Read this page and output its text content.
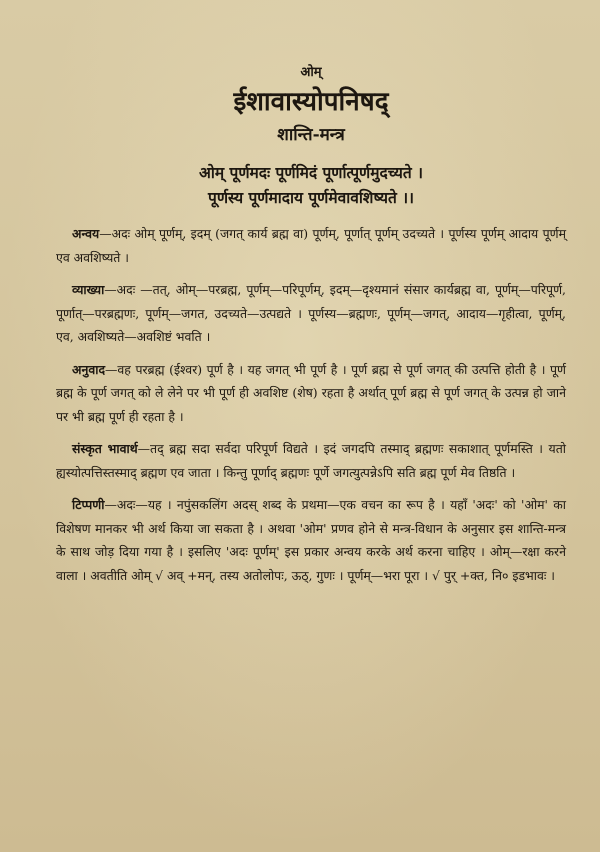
ओम्
ईशावास्योपनिषद्
शान्ति-मन्त्र
ओम् पूर्णमदः पूर्णमिदं पूर्णात्पूर्णमुदच्यते ।
पूर्णस्य पूर्णमादाय पूर्णमेवावशिष्यते ।।

अन्वय—अदः ओम् पूर्णम्, इदम् (जगत् कार्य ब्रह्म वा) पूर्णम्, पूर्णात् पूर्णम् उदच्यते । पूर्णस्य पूर्णम् आदाय पूर्णम् एव अवशिष्यते ।

व्याख्या—अदः —तत्, ओम्—परब्रह्म, पूर्णम्—परिपूर्णम्, इदम्—दृश्यमानं संसार कार्यब्रह्म वा, पूर्णम्—परिपूर्ण, पूर्णात्—परब्रह्मणः, पूर्णम्—जगत, उदच्यते—उत्पद्यते । पूर्णस्य—ब्रह्मणः, पूर्णम्—जगत्, आदाय—गृहीत्वा, पूर्णम्, एव, अवशिष्यते—अवशिष्टं भवति ।

अनुवाद—वह परब्रह्म (ईश्वर) पूर्ण है । यह जगत् भी पूर्ण है । पूर्ण ब्रह्म से पूर्ण जगत् की उत्पत्ति होती है । पूर्ण ब्रह्म के पूर्ण जगत् को ले लेने पर भी पूर्ण ही अवशिष्ट (शेष) रहता है अर्थात् पूर्ण ब्रह्म से पूर्ण जगत् के उत्पन्न हो जाने पर भी ब्रह्म पूर्ण ही रहता है ।

संस्कृत भावार्थ—तद् ब्रह्म सदा सर्वदा परिपूर्ण विद्यते । इदं जगदपि तस्माद् ब्रह्मणः सकाशात् पूर्णमस्ति । यतो ह्यस्योत्पत्तिस्तस्माद् ब्रह्मण एव जाता । किन्तु पूर्णाद् ब्रह्मणः पूर्णे जगत्युत्पन्नेऽपि सति ब्रह्म पूर्ण मेव तिष्ठति ।

टिप्पणी—अदः—यह । नपुंसकलिंग अदस् शब्द के प्रथमा—एक वचन का रूप है । यहाँ 'अदः' को 'ओम' का विशेषण मानकर भी अर्थ किया जा सकता है । अथवा 'ओम' प्रणव होने से मन्त्र-विधान के अनुसार इस शान्ति-मन्त्र के साथ जोड़ दिया गया है । इसलिए 'अदः पूर्णम्' इस प्रकार अन्वय करके अर्थ करना चाहिए । ओम्—रक्षा करने वाला । अवतीति ओम् √ अव् +मन्, तस्य अतोलोपः, ऊठ्, गुणः । पूर्णम्—भरा पूरा । √ पुर् +क्त, नि० इडभावः ।
